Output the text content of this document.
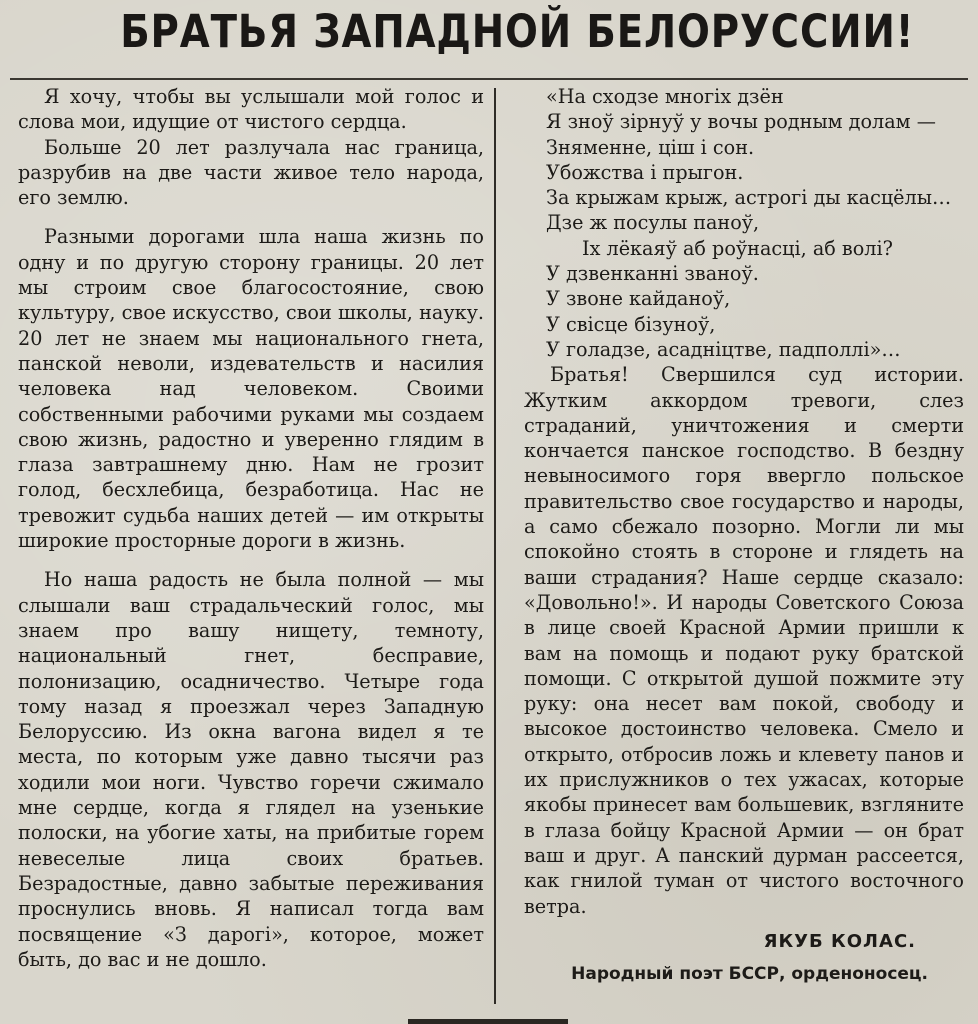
БРАТЬЯ ЗАПАДНОЙ БЕЛОРУССИИ!

Я хочу, чтобы вы услышали мой голос и слова мои, идущие от чистого сердца.

Больше 20 лет разлучала нас граница, разрубив на две части живое тело народа, его землю.

Разными дорогами шла наша жизнь по одну и по другую сторону границы. 20 лет мы строим свое благосостояние, свою культуру, свое искусство, свои школы, науку. 20 лет не знаем мы национального гнета, панской неволи, издевательств и насилия человека над человеком. Своими собственными рабочими руками мы создаем свою жизнь, радостно и уверенно глядим в глаза завтрашнему дню. Нам не грозит голод, бесхлебица, безработица. Нас не тревожит судьба наших детей — им открыты широкие просторные дороги в жизнь.

Но наша радость не была полной — мы слышали ваш страдальческий голос, мы знаем про вашу нищету, темноту, национальный гнет, бесправие, полонизацию, осадничество. Четыре года тому назад я проезжал через Западную Белоруссию. Из окна вагона видел я те места, по которым уже давно тысячи раз ходили мои ноги. Чувство горечи сжимало мне сердце, когда я глядел на узенькие полоски, на убогие хаты, на прибитые горем невеселые лица своих братьев. Безрадостные, давно забытые переживания проснулись вновь. Я написал тогда вам посвящение «З дарогі», которое, может быть, до вас и не дошло.

«На сходзе многіх дзён
Я зноў зірнуў у вочы родным долам —
Зняменне, ціш і сон.
Убожства і прыгон.
За крыжам крыж, астрогі ды касцёлы…
Дзе ж посулы паноў,
Іх лёкаяў аб роўнасці, аб волі?
У дзвенканні званоў.
У звоне кайданоў,
У свісце бізуноў,
У голадзе, асадніцтве, падполлі»…

Братья! Свершился суд истории. Жутким аккордом тревоги, слез страданий, уничтожения и смерти кончается панское господство. В бездну невыносимого горя ввергло польское правительство свое государство и народы, а само сбежало позорно. Могли ли мы спокойно стоять в стороне и глядеть на ваши страдания? Наше сердце сказало: «Довольно!». И народы Советского Союза в лице своей Красной Армии пришли к вам на помощь и подают руку братской помощи. С открытой душой пожмите эту руку: она несет вам покой, свободу и высокое достоинство человека. Смело и открыто, отбросив ложь и клевету панов и их прислужников о тех ужасах, которые якобы принесет вам большевик, взгляните в глаза бойцу Красной Армии — он брат ваш и друг. А панский дурман рассеется, как гнилой туман от чистого восточного ветра.

ЯКУБ КОЛАС.
Народный поэт БССР, орденоносец.
